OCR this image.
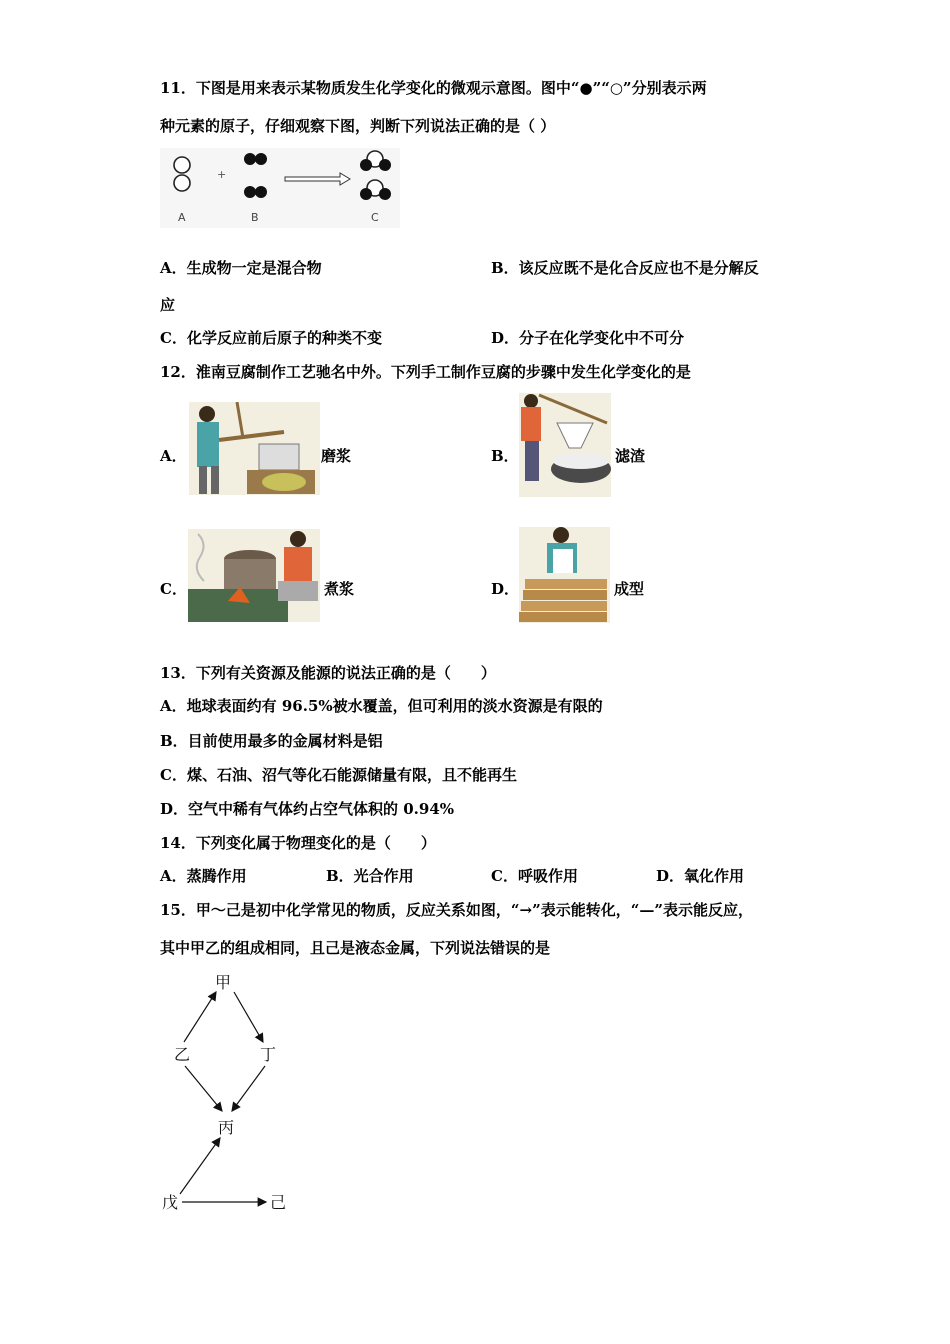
11．下图是用来表示某物质发生化学变化的微观示意图。图中“●”“○”分别表示两
种元素的原子，仔细观察下图，判断下列说法正确的是（ ）
+
A	B	C
A．生成物一定是混合物	B．该反应既不是化合反应也不是分解反
应
C．化学反应前后原子的种类不变	D．分子在化学变化中不可分
12．淮南豆腐制作工艺驰名中外。下列手工制作豆腐的步骤中发生化学变化的是
A．	磨浆	B．	滤渣
C．	煮浆	D．	成型
13．下列有关资源及能源的说法正确的是（　　）
A．地球表面约有 96.5%被水覆盖，但可利用的淡水资源是有限的
B．目前使用最多的金属材料是铝
C．煤、石油、沼气等化石能源储量有限，且不能再生
D．空气中稀有气体约占空气体积的 0.94%
14．下列变化属于物理变化的是（　　）
A．蒸腾作用	B．光合作用	C．呼吸作用	D．氧化作用
15．甲～己是初中化学常见的物质，反应关系如图，“→”表示能转化，“—”表示能反应，
其中甲乙的组成相同，且己是液态金属，下列说法错误的是
甲
乙	丁
丙
戊	己
